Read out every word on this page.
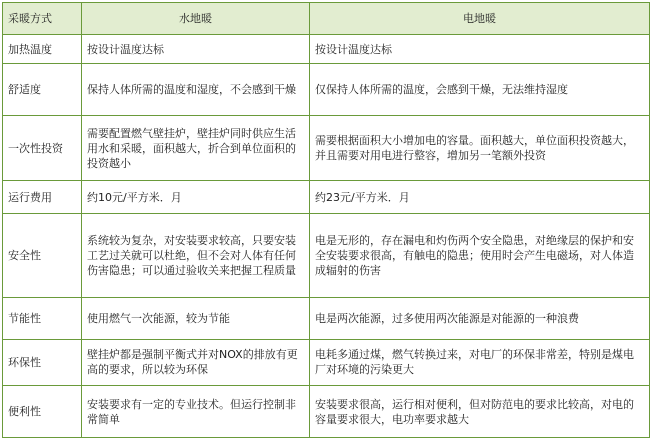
采暖方式	水地暖	电地暖
加热温度	按设计温度达标	按设计温度达标
舒适度	保持人体所需的温度和湿度，不会感到干燥	仅保持人体所需的温度，会感到干燥，无法维持湿度
一次性投资	需要配置燃气壁挂炉，壁挂炉同时供应生活用水和采暖，面积越大，折合到单位面积的投资越小	需要根据面积大小增加电的容量。面积越大，单位面积投资越大，并且需要对用电进行整容，增加另一笔额外投资
运行费用	约10元/平方米．月	约23元/平方米．月
安全性	系统较为复杂，对安装要求较高，只要安装工艺过关就可以杜绝，但不会对人体有任何伤害隐患；可以通过验收关来把握工程质量	电是无形的，存在漏电和灼伤两个安全隐患，对绝缘层的保护和安全安装要求很高，有触电的隐患；使用时会产生电磁场，对人体造成辐射的伤害
节能性	使用燃气一次能源，较为节能	电是两次能源，过多使用两次能源是对能源的一种浪费
环保性	壁挂炉都是强制平衡式并对NOX的排放有更高的要求，所以较为环保	电耗多通过煤，燃气转换过来，对电厂的环保非常差，特别是煤电厂对环境的污染更大
便利性	安装要求有一定的专业技术。但运行控制非常简单	安装要求很高，运行相对便利，但对防范电的要求比较高，对电的容量要求很大，电功率要求越大
